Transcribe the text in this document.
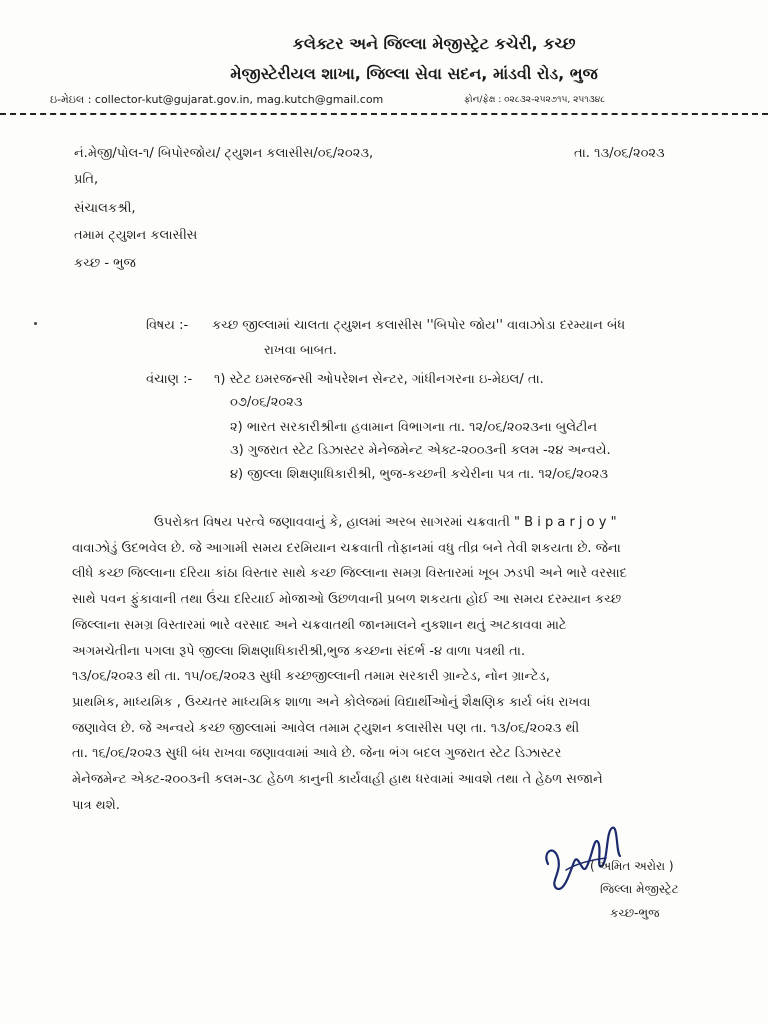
કલેક્ટર અને જિલ્લા મેજીસ્ટ્રેટ કચેરી, કચ્છ
મેજીસ્ટેરીયલ શાખા, જિલ્લા સેવા સદન, માંડવી રોડ, ભુજ
ઇ-મેઇલ : collector-kut@gujarat.gov.in, mag.kutch@gmail.com	ફોન/ફેક્ષ : ૦૨૮૩૨-૨૫૨૭૧૫, ૨૫૧૩૪૮
નં.મેજી/પોલ-૧/ બિપોરજોય/ ટ્યુશન કલાસીસ/૦૬/૨૦૨૩,	તા. ૧૩/૦૬/૨૦૨૩
પ્રતિ,
સંચાલકશ્રી,
તમામ ટ્યુશન કલાસીસ
કચ્છ - ભુજ
વિષય :- કચ્છ જીલ્લામાં ચાલતા ટ્યુશન કલાસીસ ''બિપોર જોય'' વાવાઝોડા દરમ્યાન બંધ
રાખવા બાબત.
વંચાણ :- ૧) સ્ટેટ ઇમરજન્સી ઓપરેશન સેન્ટર, ગાંધીનગરના ઇ-મેઇલ/ તા.
૦૭/૦૬/૨૦૨૩
૨) ભારત સરકારીશ્રીના હવામાન વિભાગના તા. ૧૨/૦૬/૨૦૨૩ના બુલેટીન
૩) ગુજરાત સ્ટેટ ડિઝાસ્ટર મેનેજમેન્ટ એક્ટ-૨૦૦૩ની કલમ -૨૪ અન્વયે.
૪) જીલ્લા શિક્ષણાધિકારીશ્રી, ભુજ-કચ્છની કચેરીના પત્ર તા. ૧૨/૦૬/૨૦૨૩
ઉપરોક્ત વિષય પરત્વે જણાવવાનું કે, હાલમાં અરબ સાગરમાં ચક્રવાતી " B i p a r j o y "
વાવાઝોડું ઉદભવેલ છે. જે આગામી સમય દરમિયાન ચક્રવાતી તોફાનમાં વધુ તીવ્ર બને તેવી શકયતા છે. જેના
લીધે કચ્છ જિલ્લાના દરિયા કાંઠા વિસ્તાર સાથે કચ્છ જિલ્લાના સમગ્ર વિસ્તારમાં ખૂબ ઝડપી અને ભારે વરસાદ
સાથે પવન ફુંકાવાની તથા ઉંચા દરિયાઈ મોજાઓ ઉછળવાની પ્રબળ શકયતા હોઈ આ સમય દરમ્યાન કચ્છ
જિલ્લાના સમગ્ર વિસ્તારમાં ભારે વરસાદ અને ચક્રવાતથી જાનમાલને નુકશાન થતું અટકાવવા માટે
અગમચેતીના પગલા રૂપે જીલ્લા શિક્ષણાધિકારીશ્રી,ભુજ કચ્છના સંદર્ભ -૪ વાળા પત્રથી તા.
૧૩/૦૬/૨૦૨૩ થી તા. ૧૫/૦૬/૨૦૨૩ સુધી કચ્છજીલ્લાની તમામ સરકારી ગ્રાન્ટેડ, નોન ગ્રાન્ટેડ,
પ્રાથમિક, માધ્યમિક , ઉચ્ચતર માધ્યમિક શાળા અને કોલેજમાં વિદ્યાર્થીઓનું શૈક્ષણિક કાર્ય બંધ રાખવા
જણાવેલ છે. જે અન્વયે કચ્છ જીલ્લામાં આવેલ તમામ ટ્યુશન કલાસીસ પણ તા. ૧૩/૦૬/૨૦૨૩ થી
તા. ૧૬/૦૬/૨૦૨૩ સુધી બંધ રાખવા જણાવવામાં આવે છે. જેના ભંગ બદલ ગુજરાત સ્ટેટ ડિઝાસ્ટર
મેનેજમેન્ટ એક્ટ-૨૦૦૩ની કલમ-૩૮ હેઠળ કાનુની કાર્યવાહી હાથ ધરવામાં આવશે તથા તે હેઠળ સજાને
પાત્ર થશે.
( અમિત અરોરા )
જિલ્લા મેજીસ્ટ્રેટ
કચ્છ-ભુજ
